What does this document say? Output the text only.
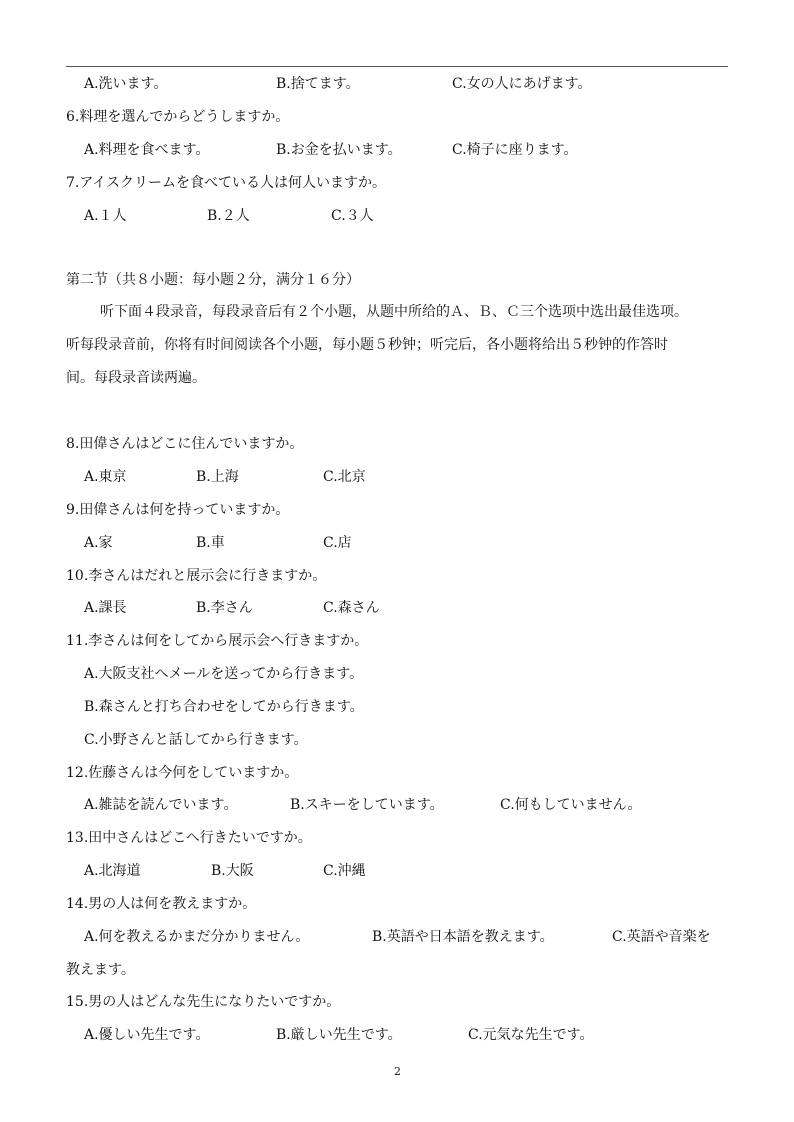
A.洗います。	B.捨てます。	C.女の人にあげます。
6.料理を選んでからどうしますか。
A.料理を食べます。	B.お金を払います。	C.椅子に座ります。
7.アイスクリームを食べている人は何人いますか。
A.１人	B.２人	C.３人
第二节（共８小题：每小题２分，满分１６分）
听下面４段录音，每段录音后有２个小题，从题中所给的Ａ、Ｂ、Ｃ三个选项中选出最佳选项。
听每段录音前，你将有时间阅读各个小题，每小题５秒钟；听完后，各小题将给出５秒钟的作答时
间。每段录音读两遍。
8.田偉さんはどこに住んでいますか。
A.東京	B.上海	C.北京
9.田偉さんは何を持っていますか。
A.家	B.車	C.店
10.李さんはだれと展示会に行きますか。
A.課長	B.李さん	C.森さん
11.李さんは何をしてから展示会へ行きますか。
A.大阪支社へメールを送ってから行きます。
B.森さんと打ち合わせをしてから行きます。
C.小野さんと話してから行きます。
12.佐藤さんは今何をしていますか。
A.雑誌を読んでいます。	B.スキーをしています。	C.何もしていません。
13.田中さんはどこへ行きたいですか。
A.北海道	B.大阪	C.沖縄
14.男の人は何を教えますか。
A.何を教えるかまだ分かりません。	B.英語や日本語を教えます。	C.英語や音楽を
教えます。
15.男の人はどんな先生になりたいですか。
A.優しい先生です。	B.厳しい先生です。	C.元気な先生です。
2
